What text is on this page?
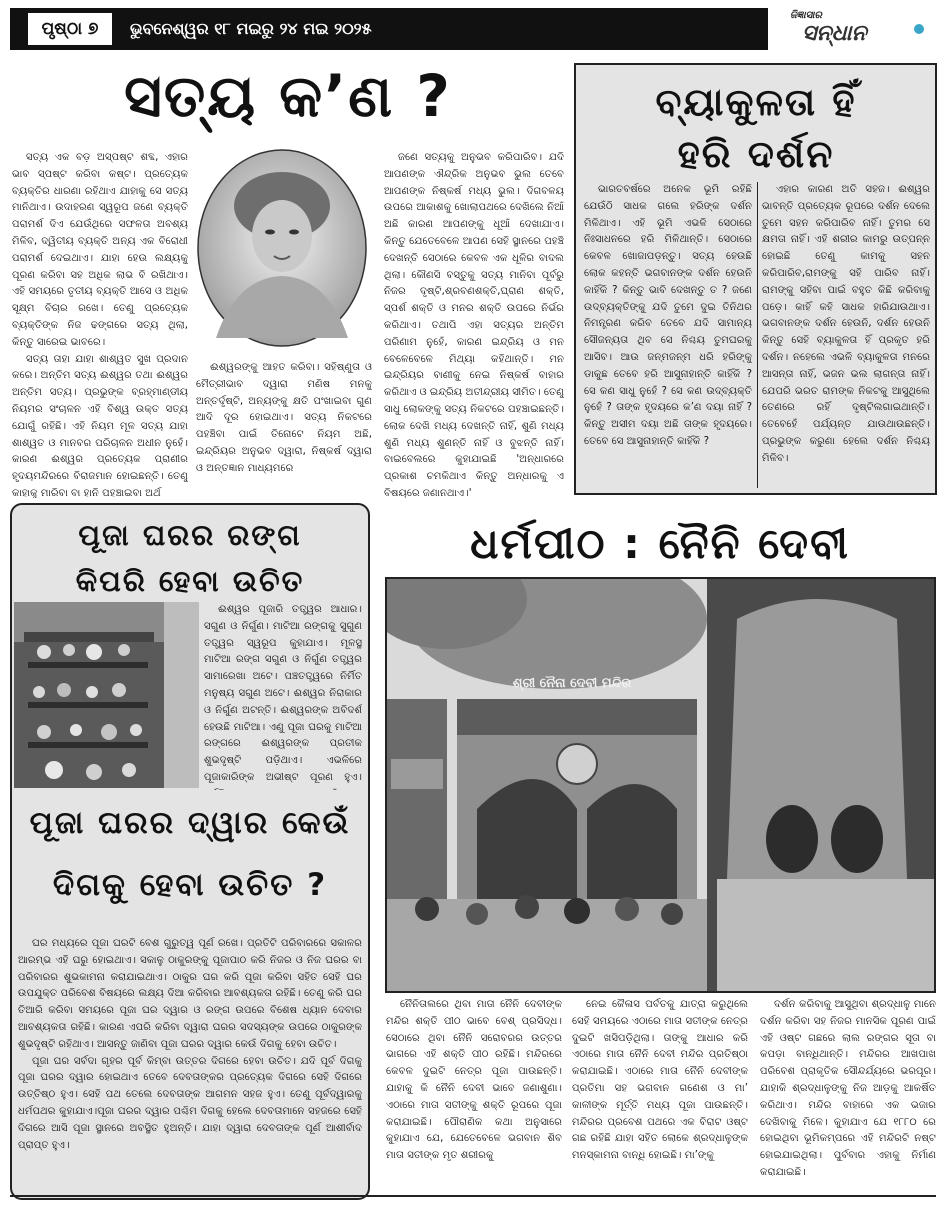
ପୃଷ୍ଠା ୭	ଭୁବନେଶ୍ୱର ୧୮ ମଇରୁ ୨୪ ମଇ ୨୦୨୫
ଜିଜ୍ଞାସାର
ସନ୍ଧାନ
ସତ୍ୟ କ’ଣ ?

ସତ୍ୟ ଏକ ବଡ଼ ଅସ୍ପଷ୍ଟ ଶବ୍ଦ, ଏହାର ଭାବ ସ୍ପଷ୍ଟ କରିବା କଷ୍ଟ। ପ୍ରତ୍ୟେକ ବ୍ୟକ୍ତିର ଧାରଣା ରହିଥାଏ ଯାହାକୁ ସେ ସତ୍ୟ ମାନିଥାଏ। ଉଦାହରଣ ସ୍ୱରୂପ ଜଣେ ବ୍ୟକ୍ତି ପରାମର୍ଶ ଦିଏ ଯେଉଁଥିରେ ସଫଳତା ଅବଶ୍ୟ ମିଳିବ, ଦ୍ୱିତୀୟ ବ୍ୟକ୍ତି ଅନ୍ୟ ଏକ ବିରୋଧୀ ପରାମର୍ଶ ଦେଇଥାଏ। ଯାହା ହେଉ ଲକ୍ଷ୍ୟକୁ ପୂରଣ କରିବା ସହ ଅଧିକ ଲାଭ ବି ରଖିଥାଏ। ଏହି ସମୟରେ ତୃତୀୟ ବ୍ୟକ୍ତି ଆସେ ଓ ଅଧିକ ସୂକ୍ଷ୍ମ ବିଚାର ରଖେ। ତେଣୁ ପ୍ରତ୍ୟେକ ବ୍ୟକ୍ତିଙ୍କ ନିଜ ଢଙ୍ଗରେ ସତ୍ୟ ଥିଲା, କିନ୍ତୁ ସାରେଇ ଭାବରେ।

ସତ୍ୟ ତାହା ଯାହା ଶାଶ୍ୱତ ସୁଖ ପ୍ରଦାନ କରେ। ଅନ୍ତିମ ସତ୍ୟ ଈଶ୍ୱର ତଥା ଈଶ୍ୱର ଅନ୍ତିମ ସତ୍ୟ। ପ୍ରଭୁଙ୍କ ବ୍ରହ୍ମାଣ୍ଡୀୟ ନିୟମର ସଂଚାଳନ ଏହି ବିଶ୍ୱ ଉକ୍ତ ସତ୍ୟ ଯୋଗୁଁ ରହିଛି। ଏହି ନିୟମ ମୂଳ ସତ୍ୟ ଯାହା ଶାଶ୍ୱତ ଓ ମାନବର ପରିଚାଳନ ଅଧୀନ ନୁହେଁ। କାରଣ ଈଶ୍ୱର ପ୍ରତ୍ୟେକ ପ୍ରାଣୀର ହୃଦୟମନ୍ଦିରରେ ବିରାଜମାନ ହୋଇଛନ୍ତି। ତେଣୁ କାହାକୁ ମାରିବା ବା ହାନି ପହଞ୍ଚାଇବା ଅର୍ଥ

ଈଶ୍ୱରଙ୍କୁ ଆହତ କରିବା। ସହିଷ୍ଣୁତା ଓ ମୈତ୍ରୀଭାବ ଦ୍ୱାରା ମଣିଷ ମନକୁ ଅନ୍ତର୍ଦୃଷ୍ଟି, ଅନ୍ୟଙ୍କୁ କ୍ଷତି ପଂଖାଇବା ଗୁଣ ଆଦି ଦୂର ହୋଇଥାଏ। ସତ୍ୟ ନିକଟରେ ପହଞ୍ଚିବା ପାଇଁ ତିନୋଟେ ନିୟମ ଅଛି, ଇନ୍ଦ୍ରିୟର ଅନୁଭବ ଦ୍ୱାରା, ନିଷ୍କର୍ଷ ଦ୍ୱାରା ଓ ଅନ୍ତଜ୍ଞାନ ମାଧ୍ୟମରେ

ଜଣେ ସତ୍ୟକୁ ଅନୁଭବ କରିପାରିବ। ଯଦି ଆପଣଙ୍କ ଐନ୍ଦ୍ରିକ ଅନୁଭବ ଭୁଲ ତେବେ ଆପଣଙ୍କ ନିଷ୍କର୍ଷ ମଧ୍ୟ ଭୁଲ। ଦିଗବଳୟ ଉପରେ ଆକାଶକୁ ଖୋଲାପଥରେ ଦେଖିଲେ ନିଆଁ ଅଛି କାରଣ ଆପଣଙ୍କୁ ଧୂଆଁ ଦେଖାଯାଏ। କିନ୍ତୁ ଯେତେବେଳେ ଆପଣ ସେହି ସ୍ଥାନରେ ପହଞ୍ଚି ଦେଖନ୍ତି ସେଠାରେ କେବଳ ଏକ ଧୂଳିର ବାଦଲ ଥିଲା। କୌଣସି ବସ୍ତୁକୁ ସତ୍ୟ ମାନିବା ପୂର୍ବରୁ ନିଜର ଦୃଷ୍ଟି,ଶ୍ରବଣଶକ୍ତି,ଘ୍ରାଣ ଶକ୍ତି, ସ୍ପର୍ଶ ଶକ୍ତି ଓ ମନର ଶକ୍ତି ଉପରେ ନିର୍ଭର କରିଥାଏ। ତଥାପି ଏହା ସତ୍ୟର ଅନ୍ତିମ ପରିଣାମ ନୁହେଁ, କାରଣ ଇନ୍ଦ୍ରିୟ ଓ ମନ ବେଳେବେଳେ ମିଥ୍ୟା କହିଥାନ୍ତି। ମନ ଇନ୍ଦ୍ରିୟର ବାଣୀକୁ ନେଇ ନିଷ୍କର୍ଷ ବାହାର କରିଥାଏ ଓ ଇନ୍ଦ୍ରିୟ ଅତୀନ୍ଦ୍ରୀୟ ସୀମିତ। ତେଣୁ ସାଧୁ ଲୋକଙ୍କୁ ସତ୍ୟ ନିକଟରେ ପହଞ୍ଚାଇଛନ୍ତି। ଲୋକ ଦେଖି ମଧ୍ୟ ଦେଖନ୍ତି ନାହିଁ, ଶୁଣି ମଧ୍ୟ ଶୁଣି ମଧ୍ୟ ଶୁଣନ୍ତି ନାହିଁ ଓ ବୁଝନ୍ତି ନାହିଁ। ବାଇବେଲରେ କୁହାଯାଇଛି 'ଅନ୍ଧାରରେ ପ୍ରକାଶ ଚମକିଥାଏ କିନ୍ତୁ ଅନ୍ଧାରକୁ ଏ ବିଷୟରେ ଜଣାନଥାଏ।'

ବ୍ୟାକୁଳତା ହିଁ
ହରି ଦର୍ଶନ

ଭାରତବର୍ଷରେ ଅନେକ ଭୂମି ରହିଛି ଯେଉଁଠି ସାଧକ ଗଲେ ହରିଙ୍କ ଦର୍ଶନ ମିଳିଥାଏ। ଏହି ଭୂମି ଏଭଳି ସେଠାରେ ନିଃସାଧନରେ ହରି ମିଳିଥାନ୍ତି। ସେଠାରେ କେବଳ ଖୋଜାପଡ଼ନ୍ତୁ। ସତ୍ୟ ହେଉଛି ଲୋକ କହନ୍ତି ଭଗବାନଙ୍କ ଦର୍ଶନ ହେଉନି କାହିଁକି ? କିନ୍ତୁ ଭାବି ଦେଖନ୍ତୁ ତ ? ଜଣେ ଉଦ୍‌ବ୍ୟକ୍ତିଙ୍କୁ ଯଦି ତୁମେ ଦୁଇ ତିନିଥର ନିମନ୍ତ୍ରଣ କରିବ ତେବେ ଯଦି ସାମାନ୍ୟ ସୌଜନ୍ୟତା ଥିବ ସେ ନିଶ୍ଚୟ ତୁମଘରକୁ ଆସିବ। ଆଉ ଜନ୍ମଜନ୍ମ ଧରି ହରିଙ୍କୁ ଡାକୁଛ ତେବେ ହରି ଆସୁନାହାନ୍ତି କାହିଁକି ? ସେ କଣ ସାଧୁ ନୁହେଁ ? ସେ କଣ ଉଦ୍‌ବ୍ୟକ୍ତି ନୁହେଁ ? ତାଙ୍କ ହୃଦୟରେ କ’ଣ ଦୟା ନାହିଁ ? କିନ୍ତୁ ଅସୀମ ଦୟା ଅଛି ତାଙ୍କ ହୃଦୟରେ। ତେବେ ସେ ଆସୁନାହାନ୍ତି କାହିଁକି ?

ଏହାର କାରଣ ଅତି ସହଜ। ଈଶ୍ୱର ଭାବନ୍ତି ପ୍ରତ୍ୟେକ ରୂପରେ ଦର୍ଶନ ଦେଲେ ତୁମେ ସହନ କରିପାରିବ ନାହିଁ। ତୁମର ସେ କ୍ଷମତା ନାହିଁ। ଏହି ଶରୀର କାମରୁ ଉତ୍ପନ୍ନ ହୋଇଛି ତେଣୁ କାମକୁ ସହନ କରିପାରିବ,ରାମଙ୍କୁ ସହି ପାରିବ ନାହିଁ। ରାମଙ୍କୁ ସହିବା ପାଇଁ ବହୁତ କିଛି କରିବାକୁ ପଡ଼େ। କାହିଁ କହି ସାଧକ ହାରିଯାଉଥାଏ। ଭଗବାନଙ୍କ ଦର୍ଶନ ହେଉନି, ଦର୍ଶନ ହେଉନି କିନ୍ତୁ ସେହି ବ୍ୟାକୁଳତା ହିଁ ପ୍ରକୃତ ହରି ଦର୍ଶନ। ନହେଲେ ଏଭଳି ବ୍ୟାକୁଳତା ମନରେ ଆସନ୍ତା ନାହିଁ, ଭଜନ ଭଲ ଲାଗନ୍ତା ନାହିଁ। ଯେପରି ଭରତ ରାମଙ୍କ ନିକଟକୁ ଆସୁଥିଲେ ତେଣରେ ରହିଁ ଦୃଷ୍ଟିଲଗାଇଥାନ୍ତି। ତେବେହେଁ ପର୍ଯ୍ୟନ୍ତ ଯାଉଥାଉଛନ୍ତି। ପ୍ରଭୁଙ୍କ କରୁଣା ହେଲେ ଦର୍ଶନ ନିଶ୍ଚୟ ମିଳିବ।

ପୂଜା ଘରର ରଙ୍ଗ
କିପରି ହେବା ଉଚିତ

ଈଶ୍ୱର ପୂଜାରି ତତ୍ତ୍ୱର ଆଧାର। ସଗୁଣ ଓ ନିର୍ଗୁଣ। ମାଟିଆ ରଙ୍ଗକୁ ସୁଗୁଣ ତତ୍ତ୍ୱର ସ୍ୱରୂପ କୁହାଯାଏ। ମୂଳସ୍ଥ ମାଟିଆ ରଙ୍ଗ ସଗୁଣ ଓ ନିର୍ଗୁଣ ତତ୍ତ୍ୱର ସାମାରେଖା ଅଟେ। ପଞ୍ଚତତ୍ତ୍ୱରେ ନିର୍ମିତ ମନୁଷ୍ୟ ସଗୁଣ ଅଟେ। ଈଶ୍ୱର ନିରାକାର ଓ ନିର୍ଗୁଣ ଅଟନ୍ତି। ଈଶ୍ୱରଙ୍କ ଅବିଦର୍ଶ ହେଉଛି ମାଟିଆ। ଏଣୁ ପୂଜା ଘରକୁ ମାଟିଆ ରଙ୍ଗରେ ଈଶ୍ୱରଙ୍କ ପ୍ରତୀକ ଶୁଭଦୃଷ୍ଟି ପଡ଼ିଥାଏ। ଏଭଳିରେ ପୂଜାକାରିଙ୍କ ଅଭୀଷ୍ଟ ପୂରଣ ହୁଏ।

ପୂଜା ଘରର ଦ୍ୱାର କେଉଁ
ଦିଗକୁ ହେବା ଉଚିତ ?

ଘର ମଧ୍ୟରେ ପୂଜା ଘରଟି ବେଶ ଗୁରୁତ୍ୱ ପୂର୍ଣ ରଖେ। ପ୍ରତିଟି ପରିବାରରେ ସକାଳର ଆରମ୍ଭ ଏହି ଘରୁ ହୋଇଥାଏ। ସକାଳୁ ଠାକୁରଙ୍କୁ ପୂଜାପାଠ କରି ନିଜର ଓ ନିଜ ଘରର ବା ପରିବାରର ଶୁଭକାମନା କରାଯାଇଥାଏ। ଠାକୁର ଘର କରି ପୂଜା କରିବା ସହିତ ସେହି ଘର ଉପଯୁକ୍ତ ପରିବେଶ ବିଷୟରେ ଲକ୍ଷ୍ୟ ଦିଆ କରିବାର ଆବଶ୍ୟକତା ରହିଛି। ତେଣୁ କରି ଘର ତିଆରି କରିବା ସମୟରେ ପୂଜା ଘର ଦ୍ୱାର ଓ ରଙ୍ଗ ଉପରେ ବିଶେଷ ଧ୍ୟାନ ଦେବାର ଆବଶ୍ୟକତା ରହିଛି। କାରଣ ଏପରି କରିବା ଦ୍ୱାରା ଘରର ସଦସ୍ୟଙ୍କ ଉପରେ ଠାକୁରଙ୍କ ଶୁଭଦୃଷ୍ଟି ରହିଥାଏ। ଆସନ୍ତୁ ଜାଣିବା ପୂଜା ଘରର ଦ୍ୱାର କେଉଁ ଦିଗକୁ ହେବା ଉଚିତ।

ପୂଜା ଘର ସର୍ବଦା ଗୃହର ପୂର୍ବ କିମ୍ବା ଉତ୍ତର ଦିଗରେ ହେବା ଉଚିତ। ଯଦି ପୂର୍ବ ଦିଗକୁ ପୂଜା ଘରର ଦ୍ୱାର ହୋଇଥାଏ ତେବେ ଦେବତାଙ୍କର ପ୍ରତ୍ୟେକ ଦିଗରେ ସେହି ଦିଗରେ ଉତ୍ତିଷ୍ଠ ହୁଏ। ସେହି ପଥ ତେଲେ ଦେବତାଙ୍କ ଆଗମନ ସହଜ ହୁଏ। ତେଣୁ ପୂର୍ବଦ୍ୱାରକୁ ଧର୍ମପଥର କୁହାଯାଏ।ପୂଜା ଘରର ଦ୍ୱାର ପଶ୍ଚିମ ଦିଗକୁ ହେଲେ ଦେବତାମାନେ ସହଜରେ ସେହି ଦିଗରେ ଆସି ପୂଜା ସ୍ଥାନରେ ଅବସ୍ଥିତ ହୁଅନ୍ତି। ଯାହା ଦ୍ୱାରା ଦେବତାଙ୍କ ପୂର୍ଣ ଆଶୀର୍ବାଦ ପ୍ରାପ୍ତ ହୁଏ।

ଧର୍ମପୀଠ : ନୈନି ଦେବୀ
ଶ୍ରୀ ନୈନା ଦେବୀ ମନ୍ଦିର

ନୈନିତାଲରେ ଥିବା ମାତା ନୈନି ଦେବୀଙ୍କ ମନ୍ଦିର ଶକ୍ତି ପୀଠ ଭାବେ ବେଶ୍ ପ୍ରସିଦ୍ଧ। ସେଠାରେ ଥିବା ନୈନି ସରୋବରର ଉତ୍ତର ଭାଗରେ ଏହି ଶକ୍ତି ପୀଠ ରହିଛି। ମନ୍ଦିରରେ କେବଳ ଦୁଇଟି ନେତ୍ର ପୂଜା ପାଉଛନ୍ତି। ଯାହାକୁ କି ନୈନି ଦେବୀ ଭାବେ ଜଣାଶୁଣା। ଏଠାରେ ମାତା ସତୀଙ୍କୁ ଶକ୍ତି ରୂପରେ ପୂଜା କରାଯାଇଛି। ପୌରାଣିକ କଥା ଅନୁସାରେ କୁହାଯାଏ ଯେ, ଯେତେବେଳେ ଭଗବାନ ଶିବ ମାତା ସତୀଙ୍କ ମୃତ ଶରୀରକୁ

ନେଇ କୈଳାସ ପର୍ବତକୁ ଯାତ୍ରା କରୁଥିଲେ ସେହି ସମୟରେ ଏଠାରେ ମାତା ସତୀଙ୍କ ନେତ୍ର ଦୁଇଟି ଖସିପଡ଼ିଥିଲା। ତାଙ୍କୁ ଆଧାର କରି ଏଠାରେ ମାତା ନୈନି ଦେବୀ ମନ୍ଦିର ପ୍ରତିଷ୍ଠା କରାଯାଇଛି। ଏଠାରେ ମାତା ନୈନି ଦେବୀଙ୍କ ପ୍ରତିମା ସହ ଭଗବାନ ଗଣେଶ ଓ ମା’ କାଳୀଙ୍କ ମୂର୍ତ୍ତି ମଧ୍ୟ ପୂଜା ପାଉଛନ୍ତି। ମନ୍ଦିରର ପ୍ରବେଶ ପଥରେ ଏକ ବିରାଟ ଓଷ୍ଟ ଗଛ ରହିଛି ଯାହା ସହିତ ଲୋକେ ଶ୍ରଦ୍ଧାଳୁଙ୍କ ମନସ୍କାମନା ବାନ୍ଧି ହୋଇଛି। ମା’ଙ୍କୁ

ଦର୍ଶନ କରିବାକୁ ଆସୁଥିବା ଶ୍ରଦ୍ଧାଳୁ ମାନେ ଦର୍ଶନ କରିବା ସହ ନିଜର ମାନସିକ ପୂରଣ ପାଇଁ ଏହି ଓଷ୍ଟ ଗଛରେ ଲାଲ ରଙ୍ଗର ସୂତା ବା କପଡ଼ା ବାନ୍ଧିଥାନ୍ତି। ମନ୍ଦିରର ଆଖପାଖ ପରିବେଶ ପ୍ରାକୃତିକ ସୌନ୍ଦର୍ଯ୍ୟରେ ଭରପୂର। ଯାହାକି ଶ୍ରଦ୍ଧାଳୁଙ୍କୁ ନିଜ ଆଡ଼କୁ ଆକର୍ଷିତ କରିଥାଏ। ମନ୍ଦିର ବାହାରେ ଏକ ଭଜାର ଦେଖିବାକୁ ମିଳେ। କୁହାଯାଏ ଯେ ୧୮୮୦ ରେ ହୋଇଥିବା ଭୂମିକମ୍ପରେ ଏହି ମନ୍ଦିରଟି ନଷ୍ଟ ହୋଇଯାଇଥିଲା। ପୁର୍ବବାର ଏହାକୁ ନିର୍ମାଣ କରାଯାଇଛି।
